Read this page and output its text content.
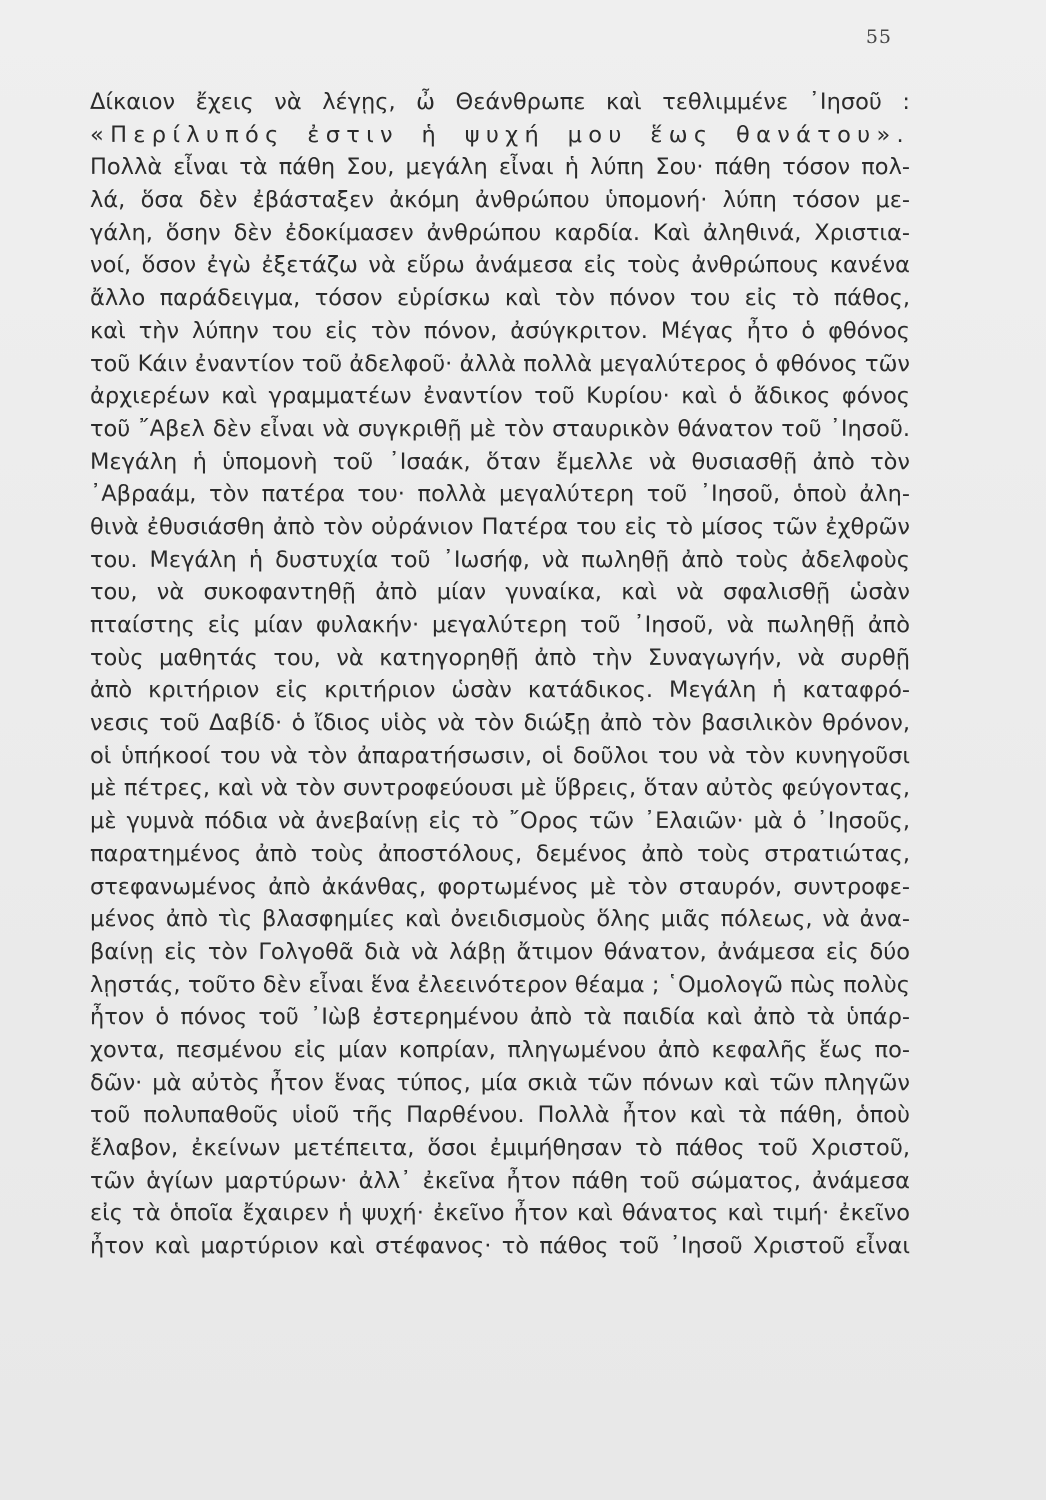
55
Δίκαιον ἔχεις νὰ λέγῃς, ὦ Θεάνθρωπε καὶ τεθλιμμένε ᾿Ιησοῦ :
«Περίλυπός ἐστιν ἡ ψυχή μου ἕως θανάτου».
Πολλὰ εἶναι τὰ πάθη Σου, μεγάλη εἶναι ἡ λύπη Σου· πάθη τόσον πολ-
λά, ὅσα δὲν ἐβάσταξεν ἀκόμη ἀνθρώπου ὑπομονή· λύπη τόσον με-
γάλη, ὅσην δὲν ἐδοκίμασεν ἀνθρώπου καρδία. Καὶ ἀληθινά, Χριστια-
νοί, ὅσον ἐγὼ ἐξετάζω νὰ εὕρω ἀνάμεσα εἰς τοὺς ἀνθρώπους κανένα
ἄλλο παράδειγμα, τόσον εὑρίσκω καὶ τὸν πόνον του εἰς τὸ πάθος,
καὶ τὴν λύπην του εἰς τὸν πόνον, ἀσύγκριτον. Μέγας ἦτο ὁ φθόνος
τοῦ Κάιν ἐναντίον τοῦ ἀδελφοῦ· ἀλλὰ πολλὰ μεγαλύτερος ὁ φθόνος τῶν
ἀρχιερέων καὶ γραμματέων ἐναντίον τοῦ Κυρίου· καὶ ὁ ἄδικος φόνος
τοῦ ῎Αβελ δὲν εἶναι νὰ συγκριθῇ μὲ τὸν σταυρικὸν θάνατον τοῦ ᾿Ιησοῦ.
Μεγάλη ἡ ὑπομονὴ τοῦ ᾿Ισαάκ, ὅταν ἔμελλε νὰ θυσιασθῇ ἀπὸ τὸν
᾿Αβραάμ, τὸν πατέρα του· πολλὰ μεγαλύτερη τοῦ ᾿Ιησοῦ, ὁποὺ ἀλη-
θινὰ ἐθυσιάσθη ἀπὸ τὸν οὐράνιον Πατέρα του εἰς τὸ μίσος τῶν ἐχθρῶν
του. Μεγάλη ἡ δυστυχία τοῦ ᾿Ιωσήφ, νὰ πωληθῇ ἀπὸ τοὺς ἀδελφοὺς
του, νὰ συκοφαντηθῇ ἀπὸ μίαν γυναίκα, καὶ νὰ σφαλισθῇ ὡσὰν
πταίστης εἰς μίαν φυλακήν· μεγαλύτερη τοῦ ᾿Ιησοῦ, νὰ πωληθῇ ἀπὸ
τοὺς μαθητάς του, νὰ κατηγορηθῇ ἀπὸ τὴν Συναγωγήν, νὰ συρθῇ
ἀπὸ κριτήριον εἰς κριτήριον ὡσὰν κατάδικος. Μεγάλη ἡ καταφρό-
νεσις τοῦ Δαβίδ· ὁ ἴδιος υἱὸς νὰ τὸν διώξῃ ἀπὸ τὸν βασιλικὸν θρόνον,
οἱ ὑπήκοοί του νὰ τὸν ἀπαρατήσωσιν, οἱ δοῦλοι του νὰ τὸν κυνηγοῦσι
μὲ πέτρες, καὶ νὰ τὸν συντροφεύουσι μὲ ὕβρεις, ὅταν αὐτὸς φεύγοντας,
μὲ γυμνὰ πόδια νὰ ἀνεβαίνῃ εἰς τὸ ῎Ορος τῶν ᾿Ελαιῶν· μὰ ὁ ᾿Ιησοῦς,
παρατημένος ἀπὸ τοὺς ἀποστόλους, δεμένος ἀπὸ τοὺς στρατιώτας,
στεφανωμένος ἀπὸ ἀκάνθας, φορτωμένος μὲ τὸν σταυρόν, συντροφε-
μένος ἀπὸ τὶς βλασφημίες καὶ ὀνειδισμοὺς ὅλης μιᾶς πόλεως, νὰ ἀνα-
βαίνῃ εἰς τὸν Γολγοθᾶ διὰ νὰ λάβῃ ἄτιμον θάνατον, ἀνάμεσα εἰς δύο
λῃστάς, τοῦτο δὲν εἶναι ἕνα ἐλεεινότερον θέαμα ; ῾Ομολογῶ πὼς πολὺς
ἦτον ὁ πόνος τοῦ ᾿Ιὼβ ἐστερημένου ἀπὸ τὰ παιδία καὶ ἀπὸ τὰ ὑπάρ-
χοντα, πεσμένου εἰς μίαν κοπρίαν, πληγωμένου ἀπὸ κεφαλῆς ἕως πο-
δῶν· μὰ αὐτὸς ἦτον ἕνας τύπος, μία σκιὰ τῶν πόνων καὶ τῶν πληγῶν
τοῦ πολυπαθοῦς υἱοῦ τῆς Παρθένου. Πολλὰ ἦτον καὶ τὰ πάθη, ὁποὺ
ἔλαβον, ἐκείνων μετέπειτα, ὅσοι ἐμιμήθησαν τὸ πάθος τοῦ Χριστοῦ,
τῶν ἁγίων μαρτύρων· ἀλλ᾿ ἐκεῖνα ἦτον πάθη τοῦ σώματος, ἀνάμεσα
εἰς τὰ ὁποῖα ἔχαιρεν ἡ ψυχή· ἐκεῖνο ἦτον καὶ θάνατος καὶ τιμή· ἐκεῖνο
ἦτον καὶ μαρτύριον καὶ στέφανος· τὸ πάθος τοῦ ᾿Ιησοῦ Χριστοῦ εἶναι
